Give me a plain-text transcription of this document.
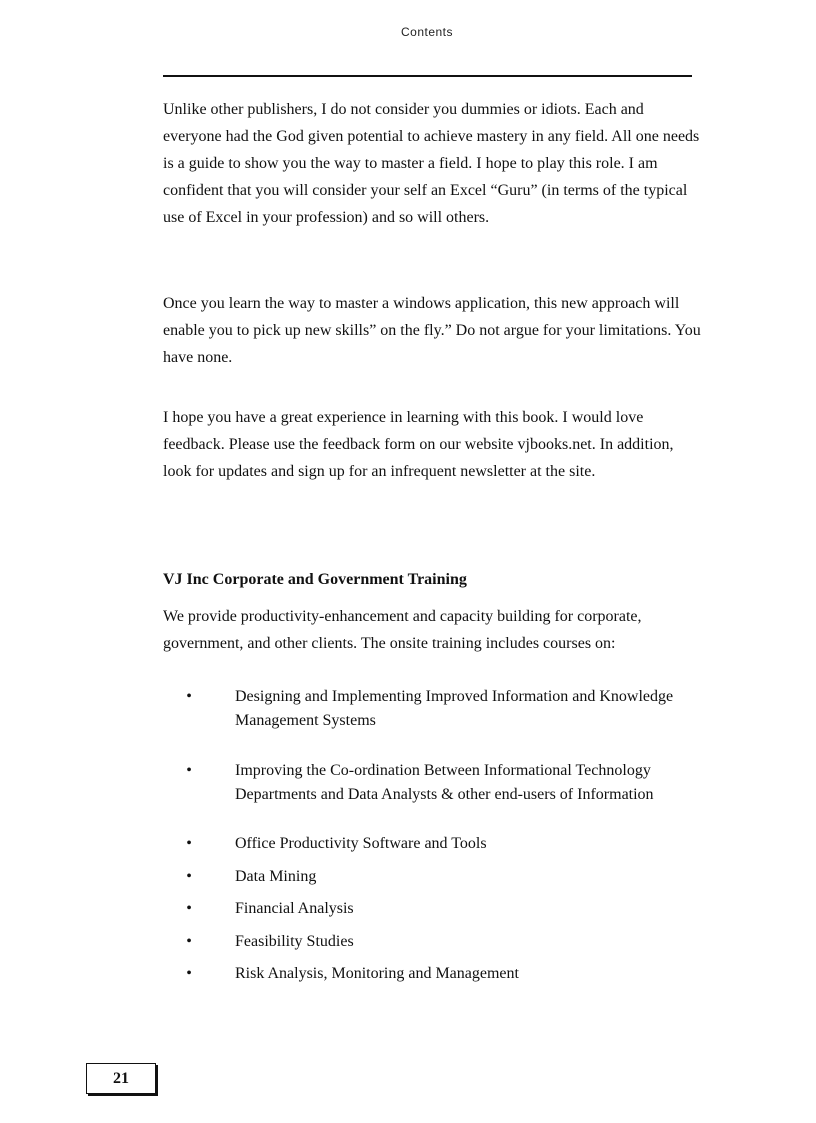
Contents

Unlike other publishers, I do not consider you dummies or idiots. Each and everyone had the God given potential to achieve mastery in any field. All one needs is a guide to show you the way to master a field. I hope to play this role. I am confident that you will consider your self an Excel “Guru” (in terms of the typical use of Excel in your profession) and so will others.

Once you learn the way to master a windows application, this new approach will enable you to pick up new skills” on the fly.” Do not argue for your limitations. You have none.

I hope you have a great experience in learning with this book. I would love feedback. Please use the feedback form on our website vjbooks.net. In addition, look for updates and sign up for an infrequent newsletter at the site.

VJ Inc Corporate and Government Training

We provide productivity-enhancement and capacity building for corporate, government, and other clients. The onsite training includes courses on:

•	Designing and Implementing Improved Information and Knowledge Management Systems
•	Improving the Co-ordination Between Informational Technology Departments and Data Analysts & other end-users of Information
•	Office Productivity Software and Tools
•	Data Mining
•	Financial Analysis
•	Feasibility Studies
•	Risk Analysis, Monitoring and Management
21
